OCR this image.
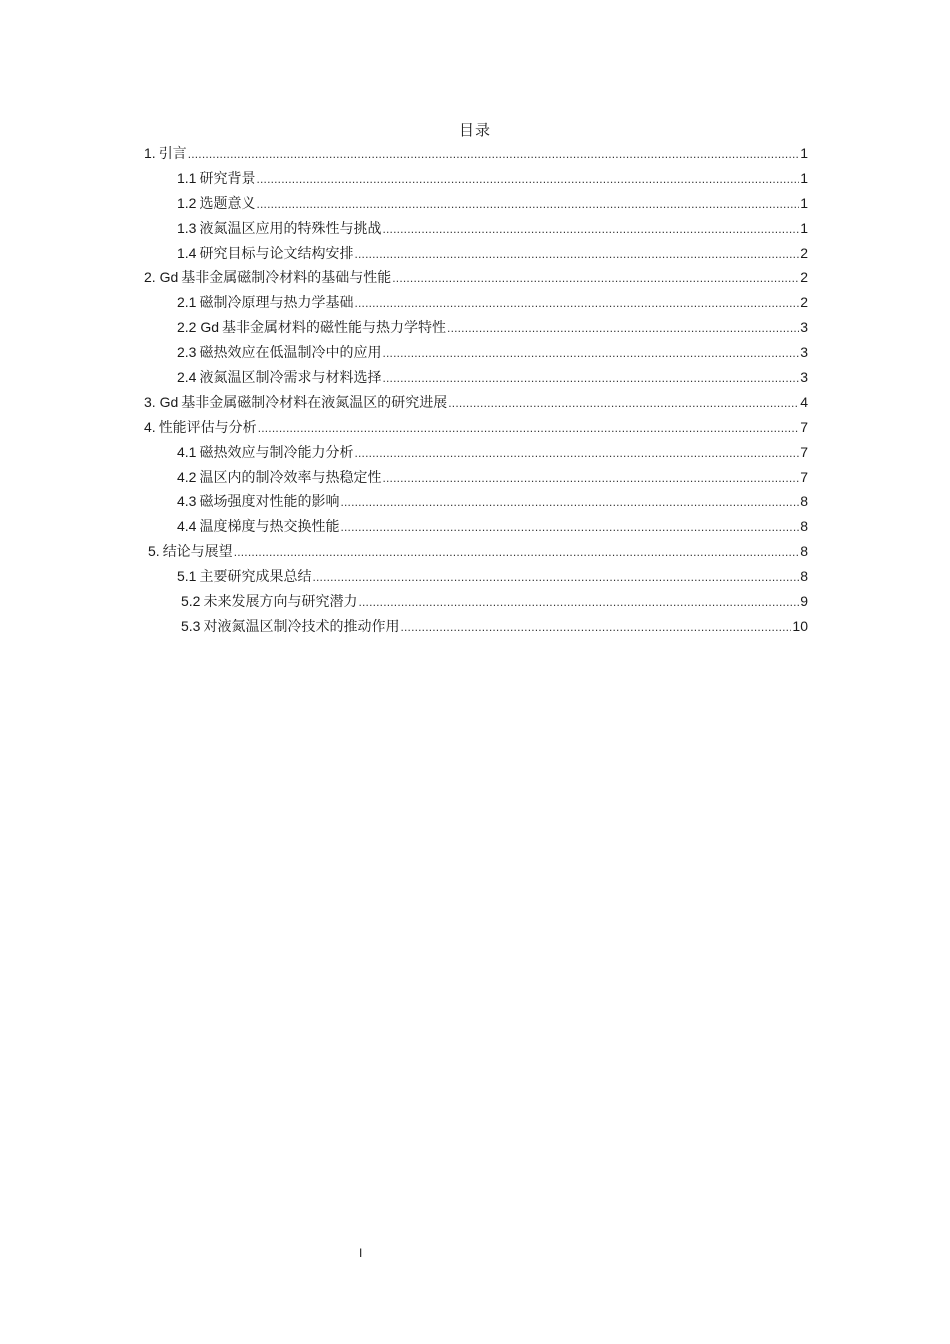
目录
1. 引言 .....	1
1.1 研究背景 .....	1
1.2 选题意义 .....	1
1.3 液氮温区应用的特殊性与挑战 .....	1
1.4 研究目标与论文结构安排 .....	2
2. Gd 基非金属磁制冷材料的基础与性能 .....	2
2.1 磁制冷原理与热力学基础 .....	2
2.2 Gd 基非金属材料的磁性能与热力学特性 .....	3
2.3 磁热效应在低温制冷中的应用 .....	3
2.4 液氮温区制冷需求与材料选择 .....	3
3. Gd 基非金属磁制冷材料在液氮温区的研究进展 .....	4
4. 性能评估与分析 .....	7
4.1 磁热效应与制冷能力分析 .....	7
4.2 温区内的制冷效率与热稳定性 .....	7
4.3 磁场强度对性能的影响 .....	8
4.4 温度梯度与热交换性能 .....	8
5. 结论与展望 .....	8
5.1 主要研究成果总结 .....	8
5.2 未来发展方向与研究潜力 .....	9
5.3 对液氮温区制冷技术的推动作用 .....	10
I
